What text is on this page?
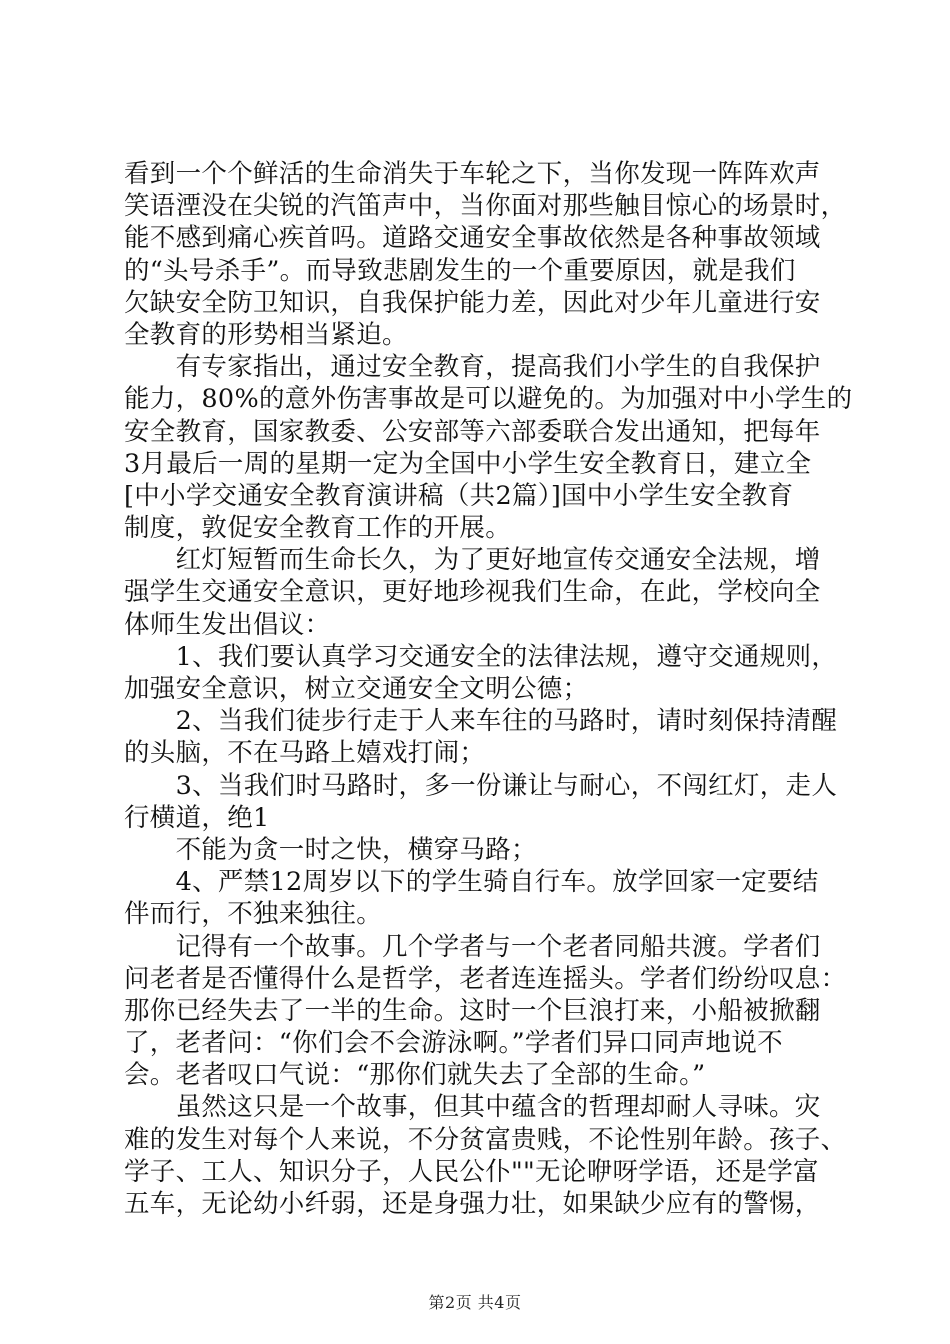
看到一个个鲜活的生命消失于车轮之下，当你发现一阵阵欢声
笑语湮没在尖锐的汽笛声中，当你面对那些触目惊心的场景时，
能不感到痛心疾首吗。道路交通安全事故依然是各种事故领域
的“头号杀手”。而导致悲剧发生的一个重要原因，就是我们
欠缺安全防卫知识，自我保护能力差，因此对少年儿童进行安
全教育的形势相当紧迫。
　　有专家指出，通过安全教育，提高我们小学生的自我保护
能力，80%的意外伤害事故是可以避免的。为加强对中小学生的
安全教育，国家教委、公安部等六部委联合发出通知，把每年
3月最后一周的星期一定为全国中小学生安全教育日，建立全
[中小学交通安全教育演讲稿（共2篇）]国中小学生安全教育
制度，敦促安全教育工作的开展。
　　红灯短暂而生命长久，为了更好地宣传交通安全法规，增
强学生交通安全意识，更好地珍视我们生命，在此，学校向全
体师生发出倡议：
　　1、我们要认真学习交通安全的法律法规，遵守交通规则，
加强安全意识，树立交通安全文明公德；
　　2、当我们徒步行走于人来车往的马路时，请时刻保持清醒
的头脑，不在马路上嬉戏打闹；
　　3、当我们时马路时，多一份谦让与耐心，不闯红灯，走人
行横道，绝1
　　不能为贪一时之快，横穿马路；
　　4、严禁12周岁以下的学生骑自行车。放学回家一定要结
伴而行，不独来独往。
　　记得有一个故事。几个学者与一个老者同船共渡。学者们
问老者是否懂得什么是哲学，老者连连摇头。学者们纷纷叹息：
那你已经失去了一半的生命。这时一个巨浪打来，小船被掀翻
了，老者问：“你们会不会游泳啊。”学者们异口同声地说不
会。老者叹口气说：“那你们就失去了全部的生命。”
　　虽然这只是一个故事，但其中蕴含的哲理却耐人寻味。灾
难的发生对每个人来说，不分贫富贵贱，不论性别年龄。孩子、
学子、工人、知识分子，人民公仆""无论咿呀学语，还是学富
五车，无论幼小纤弱，还是身强力壮，如果缺少应有的警惕，
第2页 共4页
